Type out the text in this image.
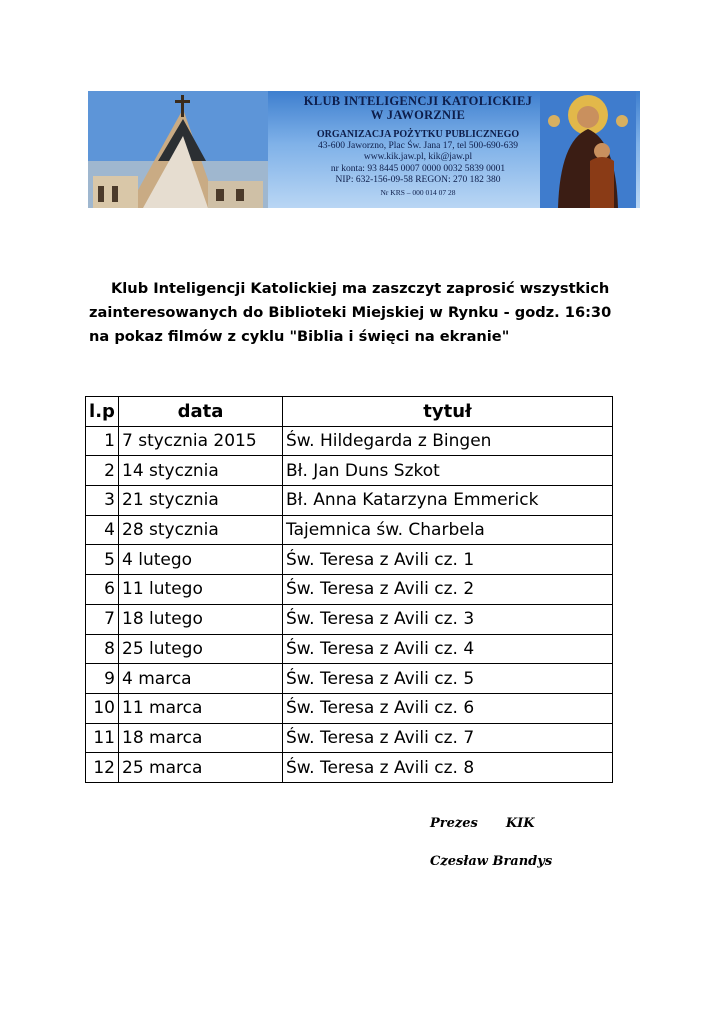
KLUB INTELIGENCJI KATOLICKIEJ
W JAWORZNIE
ORGANIZACJA POŻYTKU PUBLICZNEGO
43-600 Jaworzno, Plac Św. Jana 17, tel 500-690-639
www.kik.jaw.pl, kik@jaw.pl
nr konta: 93 8445 0007 0000 0032 5839 0001
NIP: 632-156-09-58 REGON: 270 182 380
Nr KRS – 000 014 07 28
Klub Inteligencji Katolickiej ma zaszczyt zaprosić wszystkich
zainteresowanych do Biblioteki Miejskiej w Rynku - godz. 16:30
na pokaz filmów z cyklu "Biblia i święci na ekranie"
l.p	data	tytuł
1	7 stycznia 2015	Św. Hildegarda z Bingen
2	14 stycznia	Bł. Jan Duns Szkot
3	21 stycznia	Bł. Anna Katarzyna Emmerick
4	28 stycznia	Tajemnica św. Charbela
5	4 lutego	Św. Teresa z Avili cz. 1
6	11 lutego	Św. Teresa z Avili cz. 2
7	18 lutego	Św. Teresa z Avili cz. 3
8	25 lutego	Św. Teresa z Avili cz. 4
9	4 marca	Św. Teresa z Avili cz. 5
10	11 marca	Św. Teresa z Avili cz. 6
11	18 marca	Św. Teresa z Avili cz. 7
12	25 marca	Św. Teresa z Avili cz. 8
Prezes KIK
Czesław Brandys
